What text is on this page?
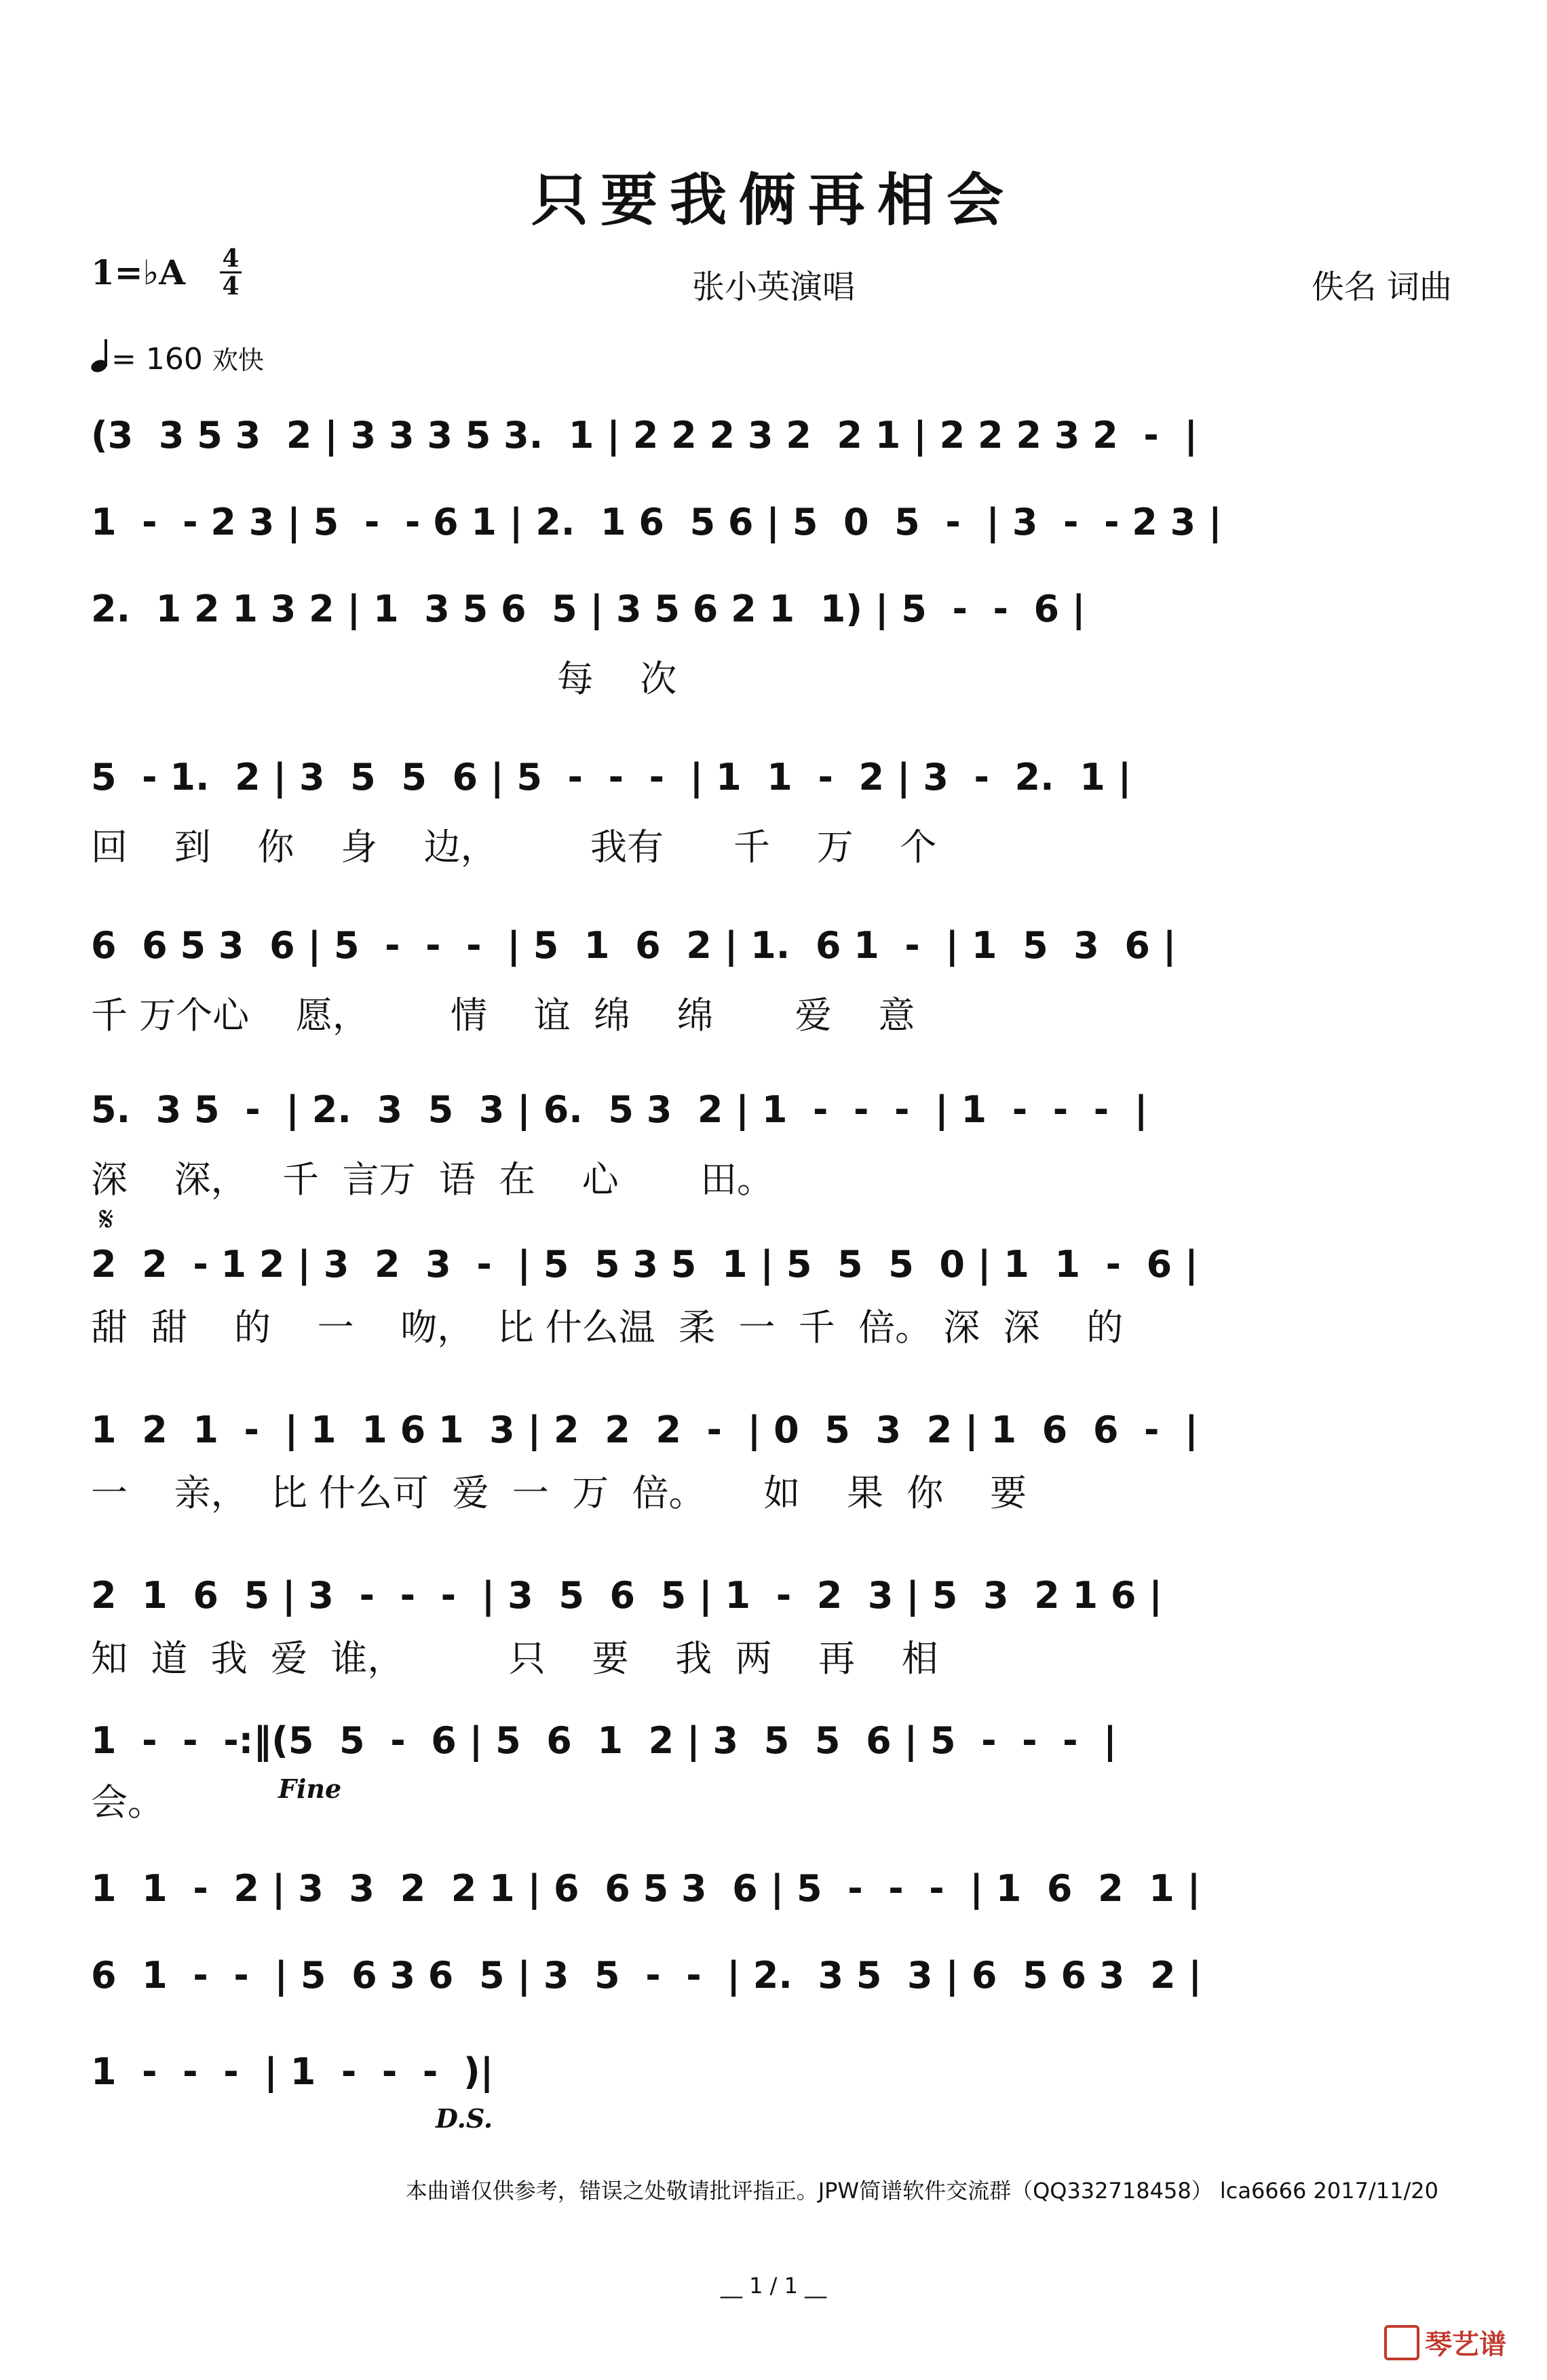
只要我俩再相会
1=♭A 4
4	张小英演唱	佚名 词曲
= 160 欢快
(3  3 5 3  2 | 3 3 3 5 3.  1 | 2 2 2 3 2  2 1 | 2 2 2 3 2  -  |
1  -  - 2 3 | 5  -  - 6 1 | 2.  1 6  5 6 | 5  0  5  -  | 3  -  - 2 3 |
2.  1 2 1 3 2 | 1  3 5 6  5 | 3 5 6 2 1  1) | 5  -  -  6 |
每    次
5  - 1.  2 | 3  5  5  6 | 5  -  -  -  | 1  1  -  2 | 3  -  2.  1 |
回    到    你    身    边，        我有      千    万    个
6  6 5 3  6 | 5  -  -  -  | 5  1  6  2 | 1.  6 1  -  | 1  5  3  6 |
千 万个心    愿，       情    谊  绵    绵       爱    意
5.  3 5  -  | 2.  3  5  3 | 6.  5 3  2 | 1  -  -  -  | 1  -  -  -  |
深    深，   千  言万  语  在    心       田。
𝄋
2  2  - 1 2 | 3  2  3  -  | 5  5 3 5  1 | 5  5  5  0 | 1  1  -  6 |
甜  甜    的    一    吻，  比 什么温  柔  一  千  倍。 深  深    的
1  2  1  -  | 1  1 6 1  3 | 2  2  2  -  | 0  5  3  2 | 1  6  6  -  |
一    亲，  比 什么可  爱  一  万  倍。     如    果  你    要
2  1  6  5 | 3  -  -  -  | 3  5  6  5 | 1  -  2  3 | 5  3  2 1 6 |
知  道  我  爱  谁，         只    要    我  两    再    相
1  -  -  -:‖(5  5  -  6 | 5  6  1  2 | 3  5  5  6 | 5  -  -  -  |
会。	Fine
1  1  -  2 | 3  3  2  2 1 | 6  6 5 3  6 | 5  -  -  -  | 1  6  2  1 |
6  1  -  -  | 5  6 3 6  5 | 3  5  -  -  | 2.  3 5  3 | 6  5 6 3  2 |
1  -  -  -  | 1  -  -  -  )|
D.S.
本曲谱仅供参考，错误之处敬请批评指正。JPW简谱软件交流群（QQ332718458） lca6666 2017/11/20
__ 1 / 1 __
琴艺谱
